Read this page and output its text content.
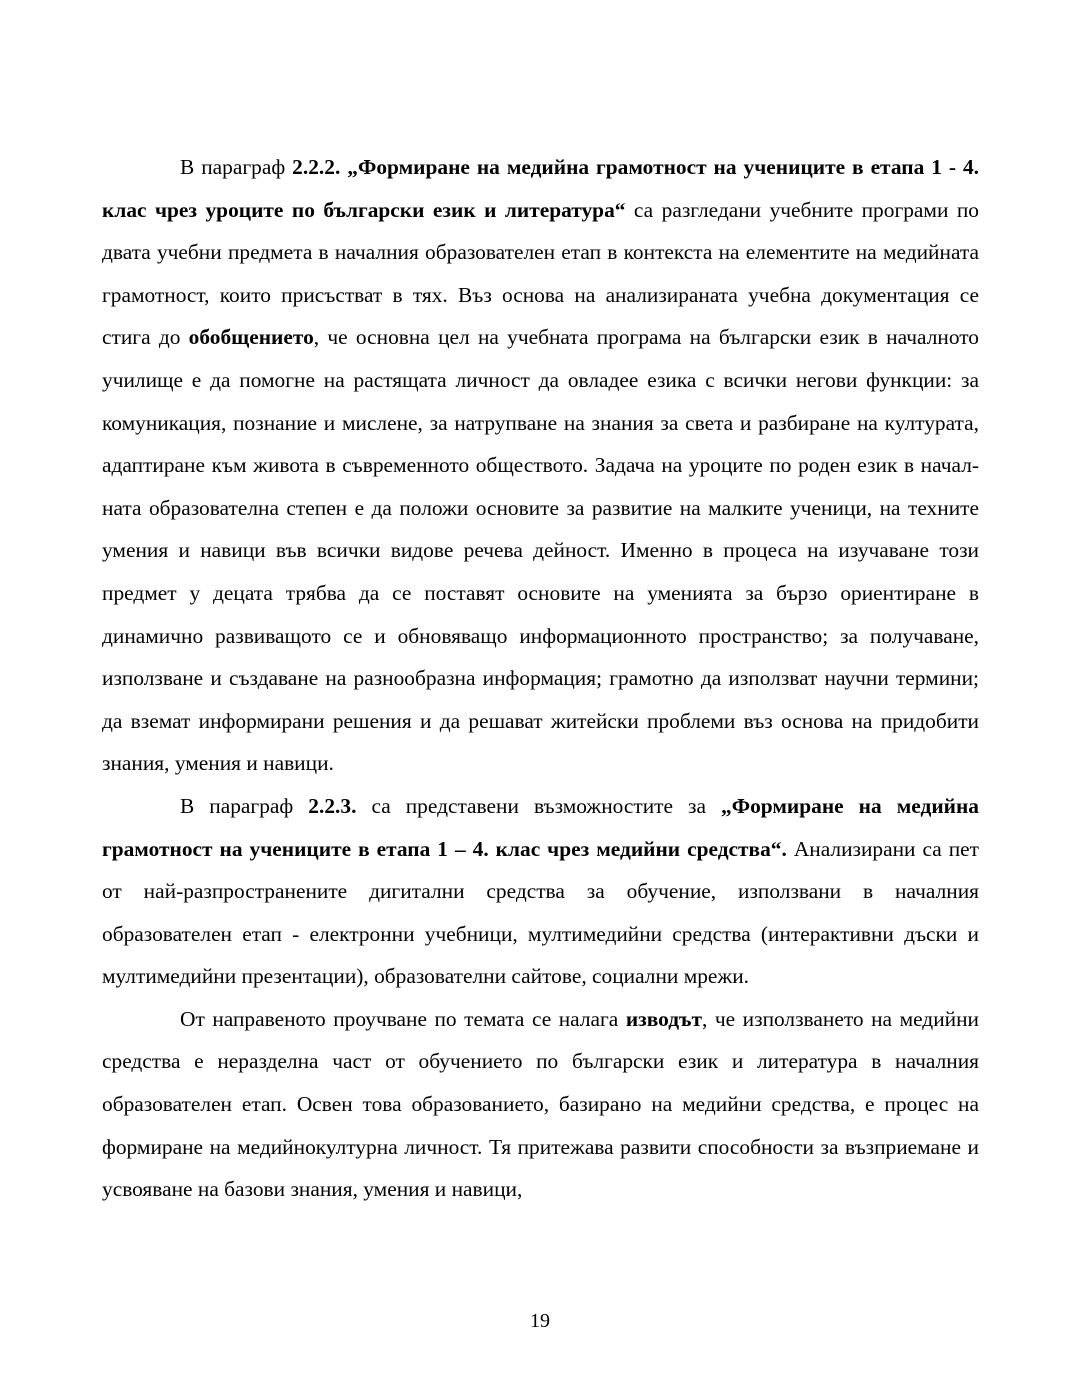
В параграф 2.2.2. „Формиране на медийна грамотност на учениците в етапа 1 - 4. клас чрез уроците по български език и литература“ са разгледани учебните програми по двата учебни предмета в началния образователен етап в контекста на елементите на медийната грамотност, които присъстват в тях. Въз основа на анализираната учебна документация се стига до обобщението, че основна цел на учебната програма на български език в началното училище е да помогне на растящата личност да овладее езика с всички негови функции: за комуникация, познание и мислене, за натрупване на знания за света и разбиране на културата, адаптиране към живота в съвременното обществото. Задача на уроците по роден език в началната образователна степен е да положи основите за развитие на малките ученици, на техните умения и навици във всички видове речева дейност. Именно в процеса на изучаване този предмет у децата трябва да се поставят основите на уменията за бързо ориентиране в динамично развиващото се и обновяващо информационното пространство; за получаване, използване и създаване на разнообразна информация; грамотно да използват научни термини; да вземат информирани решения и да решават житейски проблеми въз основа на придобити знания, умения и навици.

В параграф 2.2.3. са представени възможностите за „Формиране на медийна грамотност на учениците в етапа 1 – 4. клас чрез медийни средства“. Анализирани са пет от най-разпространените дигитални средства за обучение, използвани в началния образователен етап - електронни учебници, мултимедийни средства (интерактивни дъски и мултимедийни презентации), образователни сайтове, социални мрежи.

От направеното проучване по темата се налага изводът, че използването на медийни средства е неразделна част от обучението по български език и литература в началния образователен етап. Освен това образованието, базирано на медийни средства, е процес на формиране на медийнокултурна личност. Тя притежава развити способности за възприемане и усвояване на базови знания, умения и навици,

19
